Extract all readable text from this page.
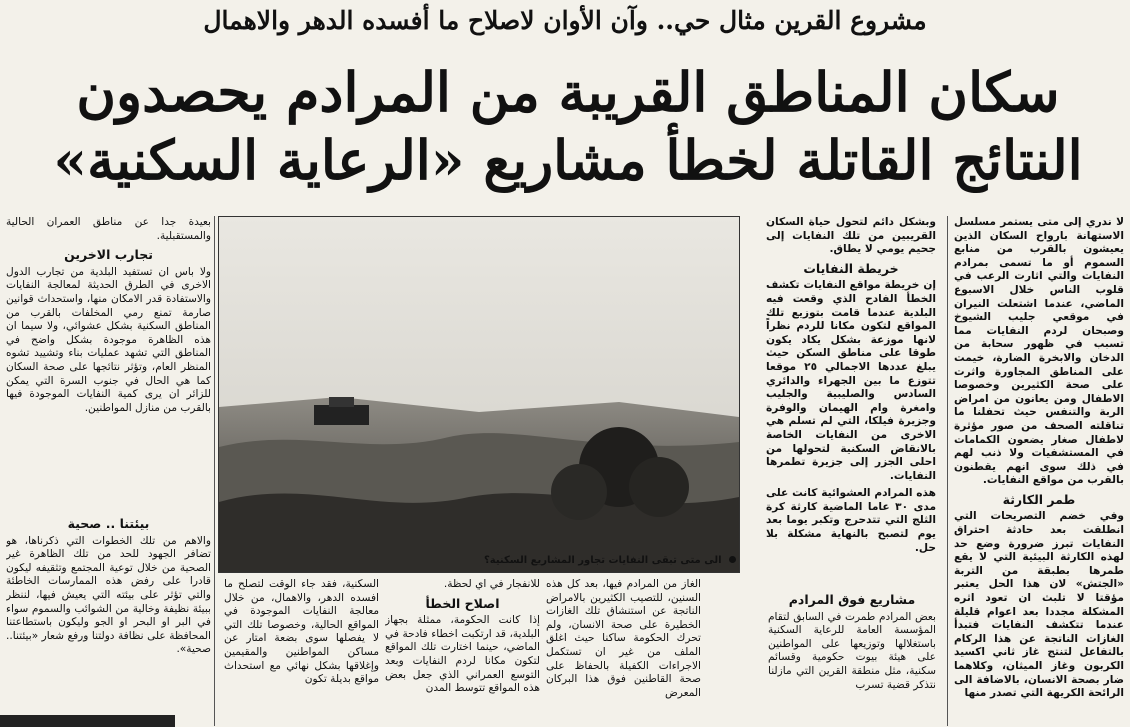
مشروع القرين مثال حي.. وآن الأوان لاصلاح ما أفسده الدهر والاهمال
سكان المناطق القريبة من المرادم يحصدون
النتائج القاتلة لخطأ مشاريع «الرعاية السكنية»

لا ندري إلى متى يستمر مسلسل الاستهانة بارواح السكان الذين يعيشون بالقرب من منابع السموم أو ما تسمى بمرادم النفايات والتي اثارت الرعب في قلوب الناس خلال الاسبوع الماضي، عندما اشتعلت النيران في موقعي جليب الشيوخ وصبحان لردم النفايات مما تسبب في ظهور سحابة من الدخان والابخرة الضارة، خيمت على المناطق المجاورة واثرت على صحة الكثيرين وخصوصا الاطفال ومن يعانون من امراض الربة والتنفس حيث تحفلنا ما تناقلته الصحف من صور مؤثرة لاطفال صغار يضعون الكمامات في المستشفيات ولا ذنب لهم في ذلك سوى انهم يقطنون بالقرب من مواقع النفايات.

طمر الكارثة

وفي خضم التصريحات التي انطلقت بعد حادثة احتراق النفايات تبرز ضرورة وضع حد لهذه الكارثة البيئية التي لا يقع طمرها بطبقة من التربة «الجتش» لان هذا الحل يعتبر مؤقتا لا تلبث ان تعود اثره المشكلة مجددا بعد اعوام قليلة عندما تتكشف النفايات فتبدأ الغازات الناتجة عن هذا الركام بالتفاعل لتنتج غاز ثاني اكسيد الكربون وغاز الميثان، وكلاهما ضار بصحة الانسان، بالاضافة الى الرائحة الكريهة التي تصدر منها

وبشكل دائم لتحول حياة السكان القريبين من تلك النفايات إلى جحيم يومي لا يطاق.

خريطة النفايات

إن خريطة مواقع النفايات تكشف الخطأ الفادح الذي وقعت فيه البلدية عندما قامت بتوزيع تلك المواقع لتكون مكانا للردم نظراً لانها موزعة بشكل يكاد يكون طوقا على مناطق السكن حيث يبلغ عددها الاجمالي ٢٥ موقعا تتوزع ما بين الجهراء والدائري السادس والصليبية والجليب وامغرة وام الهيمان والوفرة وجزيرة فيلكا، التي لم تسلم هي الاخرى من النفايات الخاصة بالانقاض السكنية لتحولها من احلى الجزر إلى جزيرة تطمرها النفايات.

هذه المرادم العشوائية كانت على مدى ٣٠ عاما الماضية كارثة كرة الثلج التي تتدحرج وتكبر يوما بعد يوم لتصبح بالنهاية مشكلة بلا حل.

مشاريع فوق المرادم

بعض المرادم طمرت في السابق لتقام المؤسسة العامة للرعاية السكنية باستغلالها وتوزيعها على المواطنين على هيئة بيوت حكومية وقسائم سكنية، مثل منطقة القرين التي مازلنا نتذكر قضية تسرب

الى متى تبقى النفايات تجاور المشاريع السكنية؟

الغاز من المرادم فيها، بعد كل هذه السنين، للتصيب الكثيرين بالامراض الناتجة عن استنشاق تلك الغازات الخطيرة على صحة الانسان، ولم تحرك الحكومة ساكنا حيث اغلق الملف من غير ان تستكمل الاجراءات الكفيلة بالحفاظ على صحة القاطنين فوق هذا البركان المعرض

للانفجار في اي لحظة.

اصلاح الخطأ

إذا كانت الحكومة، ممثلة بجهاز البلدية، قد ارتكبت اخطاء فادحة في الماضي، حينما اختارت تلك المواقع لتكون مكانا لردم النفايات وبعد التوسع العمراني الذي جعل بعض هذه المواقع تتوسط المدن

السكنية، فقد جاء الوقت لتصلح ما افسده الدهر، والاهمال، من خلال معالجة النفايات الموجودة في المواقع الحالية، وخصوصا تلك التي لا يفصلها سوى بضعة امتار عن مساكن المواطنين والمقيمين وإغلاقها بشكل نهائي مع استحداث مواقع بديلة تكون

بعيدة جدا عن مناطق العمران الحالية والمستقبلية.

تجارب الاخرين

ولا باس ان تستفيد البلدية من تجارب الدول الاخرى في الطرق الحديثة لمعالجة النفايات والاستفادة قدر الامكان منها، واستحداث قوانين صارمة تمنع رمي المخلفات بالقرب من المناطق السكنية بشكل عشوائي، ولا سيما ان هذه الظاهرة موجودة بشكل واضح في المناطق التي تشهد عمليات بناء وتشييد تشوه المنظر العام، وتؤثر نتائجها على صحة السكان كما هي الحال في جنوب السرة التي يمكن للزائر ان يرى كمية النفايات الموجودة فيها بالقرب من منازل المواطنين.

بيئتنا .. صحية

والاهم من تلك الخطوات التي ذكرناها، هو تضافر الجهود للحد من تلك الظاهرة غير الصحية من خلال توعية المجتمع وتثقيفه ليكون قادرا على رفض هذه الممارسات الخاطئة والتي تؤثر على بيئته التي يعيش فيها، لننظر ببيئة نظيفة وخالية من الشوائب والسموم سواء في البر او البحر او الجو وليكون باستطاعتنا المحافظة على نظافة دولتنا ورفع شعار «بيئتنا.. صحية».
